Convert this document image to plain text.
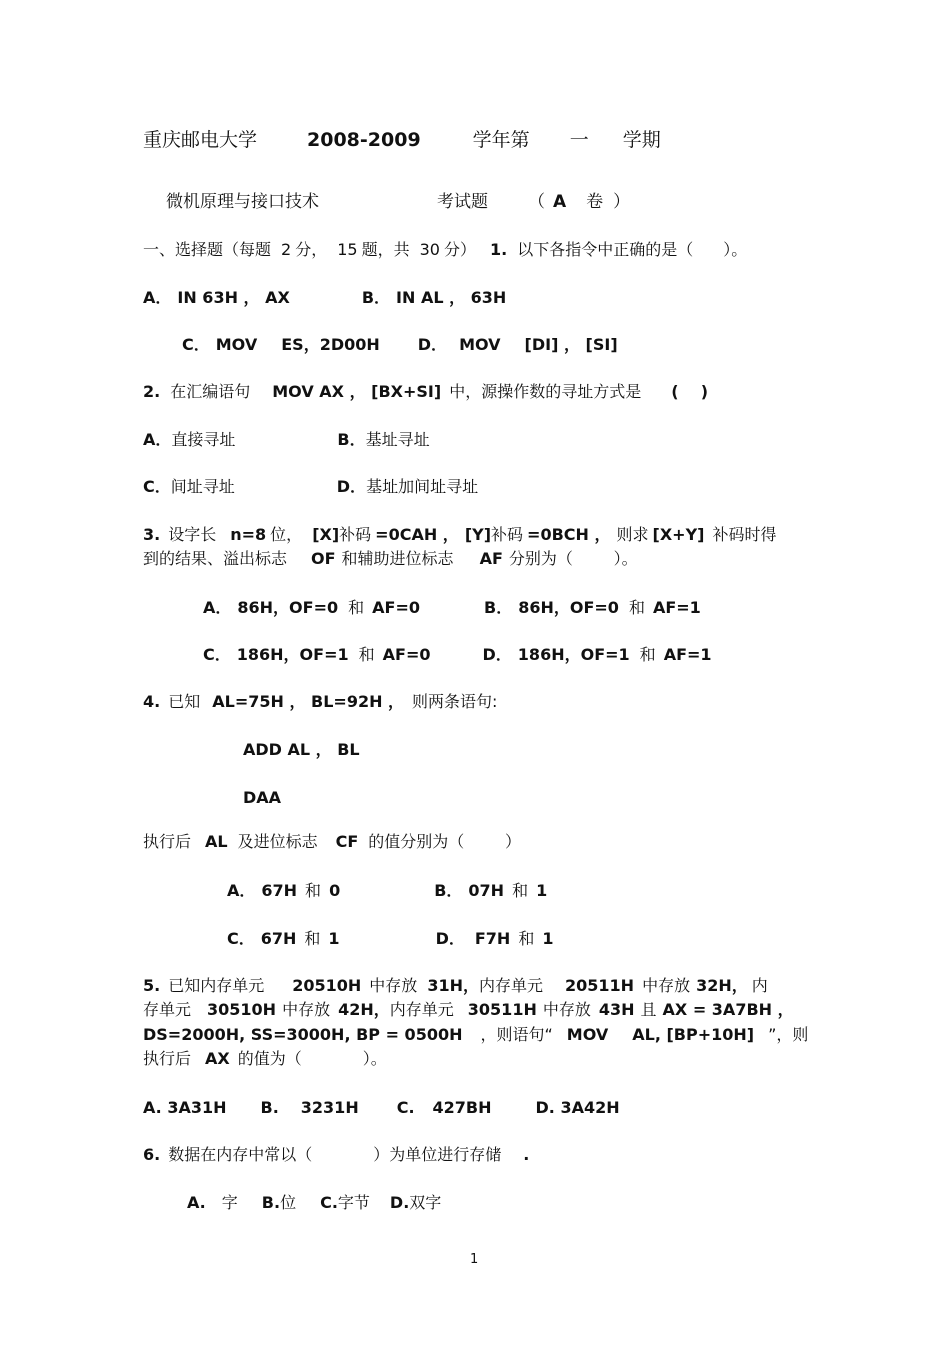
重庆邮电大学	2008-2009	学年第 一 学期
微机原理与接口技术	考试题 （ A 卷 ）
一、选择题（每题 2 分， 15 题，共 30 分） 1. 以下各指令中正确的是（ ）。
A． IN 63H ， AX	B． IN AL ， 63H
C． MOV ES，2D00H D． MOV [DI] ， [SI]
2. 在汇编语句 MOV AX ， [BX+SI] 中，源操作数的寻址方式是 (    )
A．直接寻址	B．基址寻址
C．间址寻址	D．基址加间址寻址
3. 设字长 n=8 位， [X]补码 =0CAH ， [Y]补码 =0BCH ， 则求 [X+Y] 补码时得
到的结果、溢出标志 OF 和辅助进位标志 AF 分别为（        ）。
A． 86H，OF=0 和 AF=0	B． 86H，OF=0 和 AF=1
C． 186H，OF=1 和 AF=0	D． 186H，OF=1 和 AF=1
4. 已知 AL=75H ， BL=92H ， 则两条语句:
ADD AL ， BL
DAA
执行后 AL 及进位标志 CF 的值分别为（        ）
A． 67H 和 0	B． 07H 和 1
C． 67H 和 1	D． F7H 和 1
5. 已知内存单元 20510H 中存放 31H，内存单元 20511H 中存放 32H， 内
存单元 30510H 中存放 42H，内存单元 30511H 中存放 43H 且 AX = 3A7BH ，
DS=2000H, SS=3000H, BP = 0500H ，则语句“ MOV AL, [BP+10H] ”，则
执行后 AX 的值为（            ）。
A. 3A31H B. 3231H C. 427BH	D. 3A42H
6. 数据在内存中常以（            ）为单位进行存储 .
A. 字 B.位 C.字节 D.双字
1
